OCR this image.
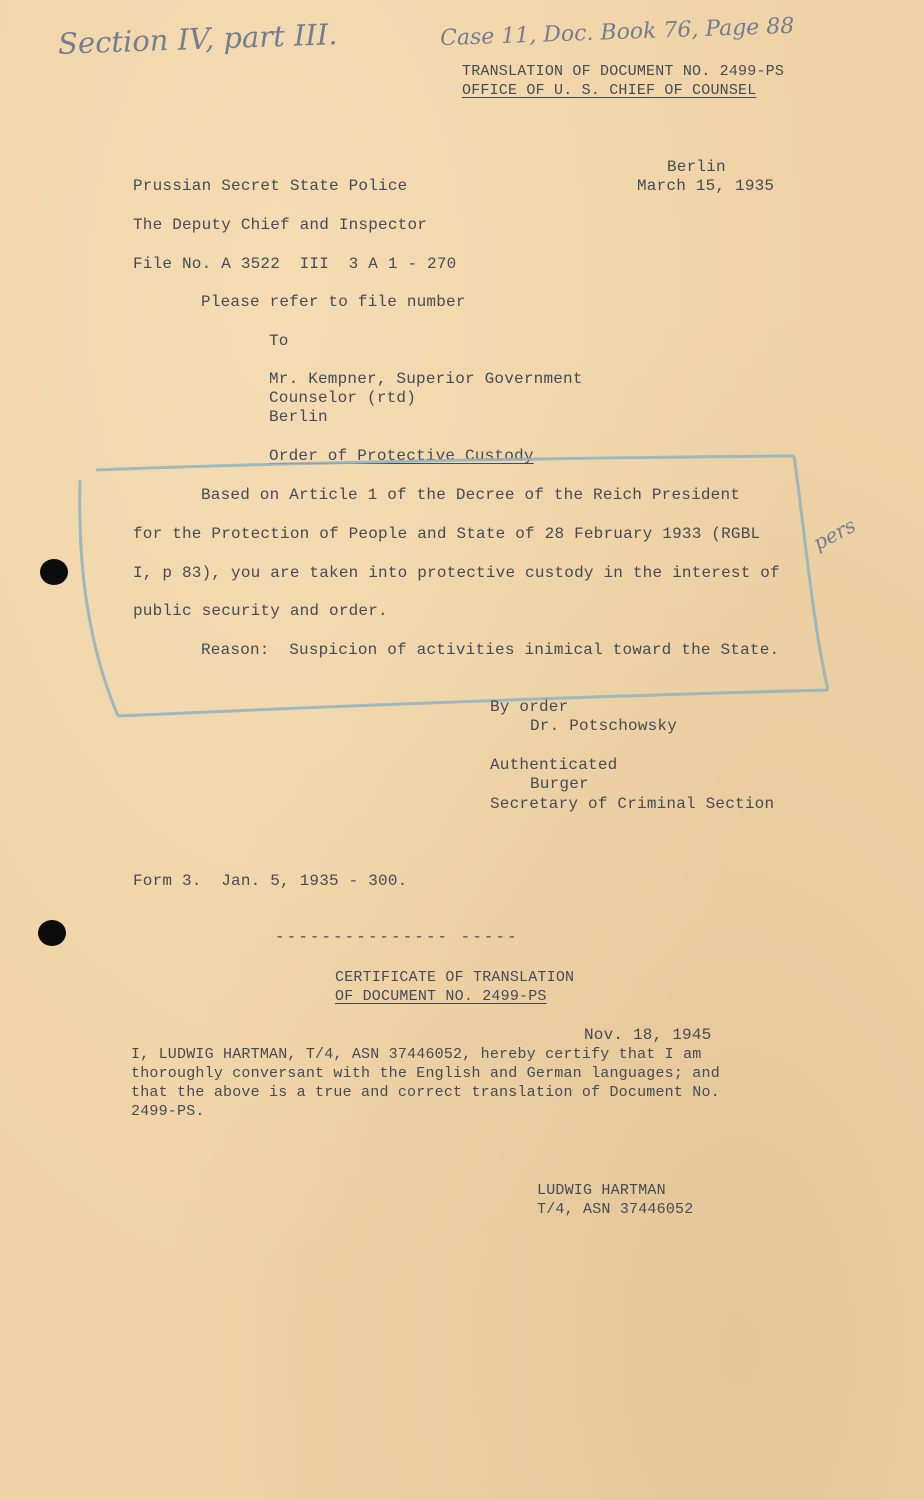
Section IV, part III.	Case 11, Doc. Book 76, Page 88
pers
TRANSLATION OF DOCUMENT NO. 2499-PS
OFFICE OF U. S. CHIEF OF COUNSEL
Berlin
March 15, 1935
Prussian Secret State Police
The Deputy Chief and Inspector
File No. A 3522  III  3 A 1 - 270
Please refer to file number
To
Mr. Kempner, Superior Government
Counselor (rtd)
Berlin
Order of Protective Custody
Based on Article 1 of the Decree of the Reich President
for the Protection of People and State of 28 February 1933 (RGBL
I, p 83), you are taken into protective custody in the interest of
public security and order.
Reason:  Suspicion of activities inimical toward the State.
By order
Dr. Potschowsky
Authenticated
Burger
Secretary of Criminal Section
Form 3.  Jan. 5, 1935 - 300.
--------------- -----
CERTIFICATE OF TRANSLATION
OF DOCUMENT NO. 2499-PS
Nov. 18, 1945
I, LUDWIG HARTMAN, T/4, ASN 37446052, hereby certify that I am
thoroughly conversant with the English and German languages; and
that the above is a true and correct translation of Document No.
2499-PS.
LUDWIG HARTMAN
T/4, ASN 37446052
